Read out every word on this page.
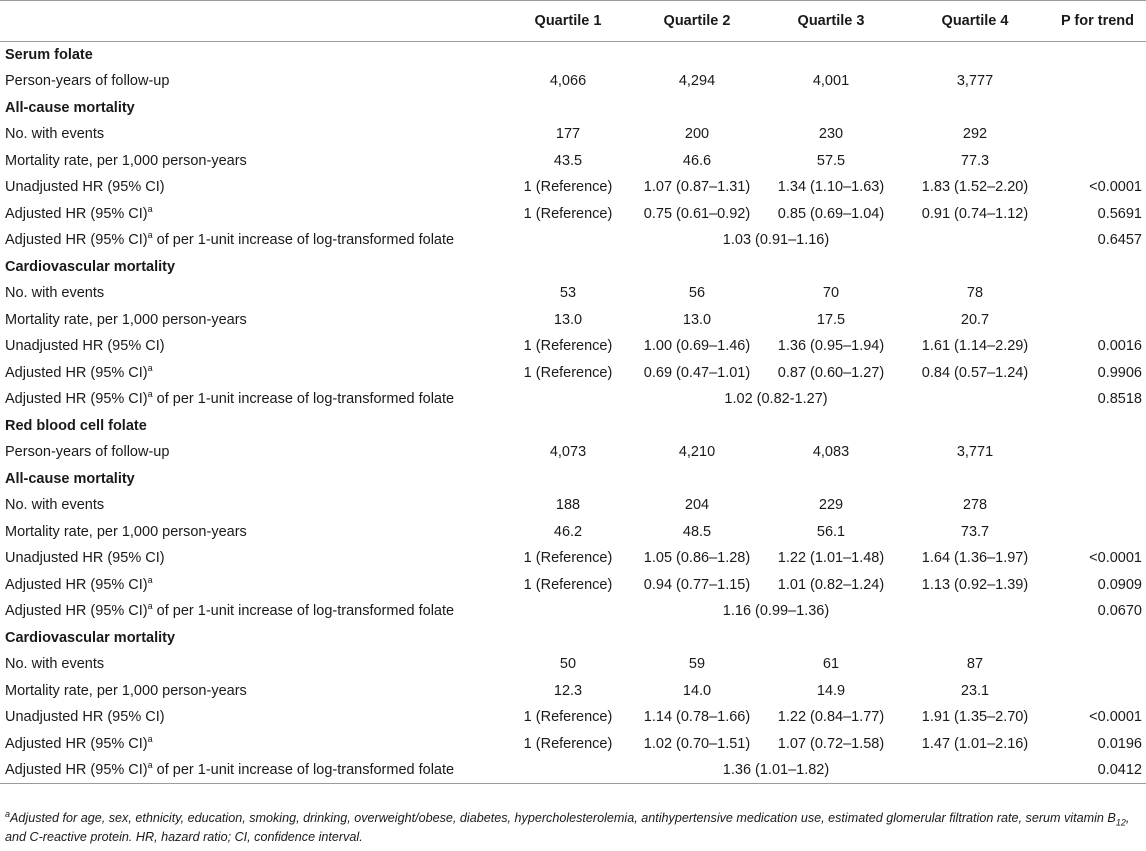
	Quartile 1	Quartile 2	Quartile 3	Quartile 4	P for trend
Serum folate					
Person-years of follow-up	4,066	4,294	4,001	3,777	
All-cause mortality					
No. with events	177	200	230	292	
Mortality rate, per 1,000 person-years	43.5	46.6	57.5	77.3	
Unadjusted HR (95% CI)	1 (Reference)	1.07 (0.87–1.31)	1.34 (1.10–1.63)	1.83 (1.52–2.20)	<0.0001
Adjusted HR (95% CI)$^a$	1 (Reference)	0.75 (0.61–0.92)	0.85 (0.69–1.04)	0.91 (0.74–1.12)	0.5691
Adjusted HR (95% CI)$^a$ of per 1-unit increase of log-transformed folate	1.03 (0.91–1.16)				0.6457
Cardiovascular mortality					
No. with events	53	56	70	78	
Mortality rate, per 1,000 person-years	13.0	13.0	17.5	20.7	
Unadjusted HR (95% CI)	1 (Reference)	1.00 (0.69–1.46)	1.36 (0.95–1.94)	1.61 (1.14–2.29)	0.0016
Adjusted HR (95% CI)$^a$	1 (Reference)	0.69 (0.47–1.01)	0.87 (0.60–1.27)	0.84 (0.57–1.24)	0.9906
Adjusted HR (95% CI)$^a$ of per 1-unit increase of log-transformed folate	1.02 (0.82-1.27)				0.8518
Red blood cell folate					
Person-years of follow-up	4,073	4,210	4,083	3,771	
All-cause mortality					
No. with events	188	204	229	278	
Mortality rate, per 1,000 person-years	46.2	48.5	56.1	73.7	
Unadjusted HR (95% CI)	1 (Reference)	1.05 (0.86–1.28)	1.22 (1.01–1.48)	1.64 (1.36–1.97)	<0.0001
Adjusted HR (95% CI)$^a$	1 (Reference)	0.94 (0.77–1.15)	1.01 (0.82–1.24)	1.13 (0.92–1.39)	0.0909
Adjusted HR (95% CI)$^a$ of per 1-unit increase of log-transformed folate	1.16 (0.99–1.36)				0.0670
Cardiovascular mortality					
No. with events	50	59	61	87	
Mortality rate, per 1,000 person-years	12.3	14.0	14.9	23.1	
Unadjusted HR (95% CI)	1 (Reference)	1.14 (0.78–1.66)	1.22 (0.84–1.77)	1.91 (1.35–2.70)	<0.0001
Adjusted HR (95% CI)$^a$	1 (Reference)	1.02 (0.70–1.51)	1.07 (0.72–1.58)	1.47 (1.01–2.16)	0.0196
Adjusted HR (95% CI)$^a$ of per 1-unit increase of log-transformed folate	1.36 (1.01–1.82)				0.0412
$^a$Adjusted for age, sex, ethnicity, education, smoking, drinking, overweight/obese, diabetes, hypercholesterolemia, antihypertensive medication use, estimated glomerular filtration rate, serum vitamin $B_{12}$, and C-reactive protein. HR, hazard ratio; CI, confidence interval.
